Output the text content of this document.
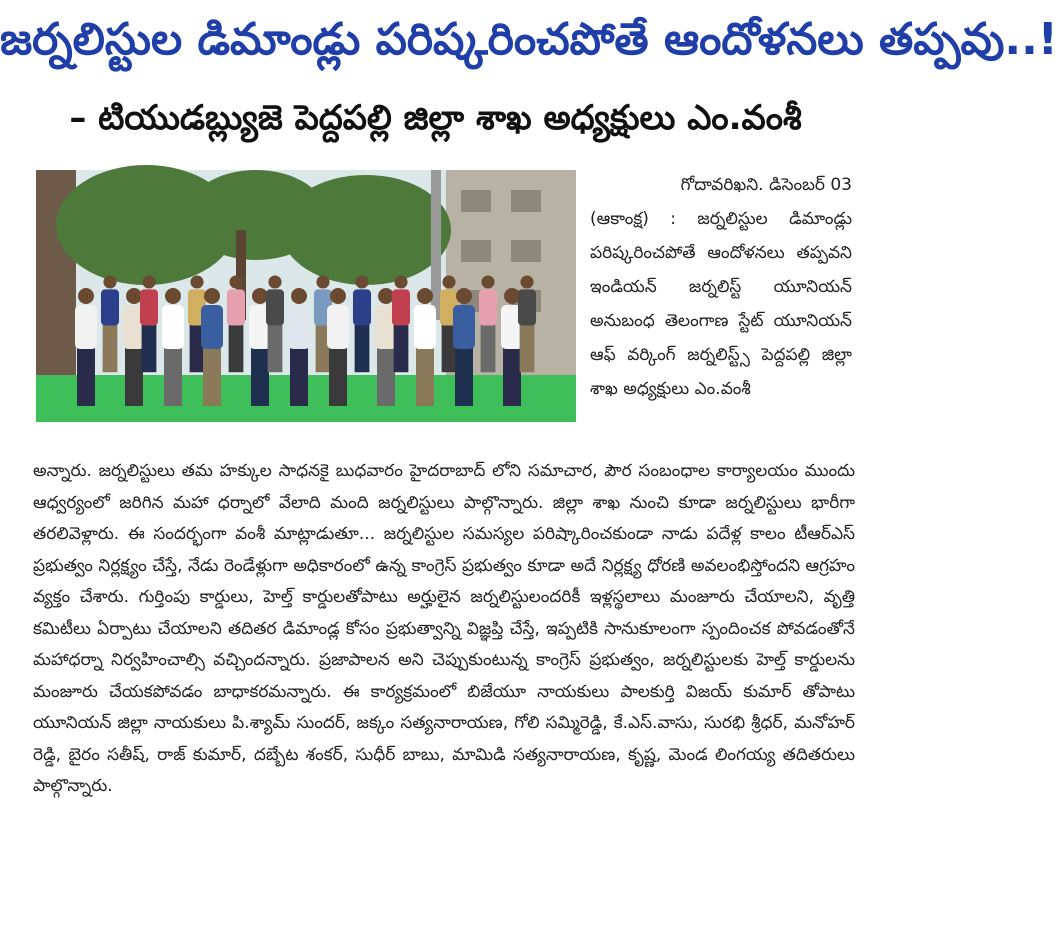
జర్నలిస్టుల డిమాండ్లు పరిష్కరించపోతే ఆందోళనలు తప్పవు..!
– టియుడబ్ల్యుజె పెద్దపల్లి జిల్లా శాఖ అధ్యక్షులు ఎం.వంశీ

గోదావరిఖని. డిసెంబర్ 03

(ఆకాంక్ష) : జర్నలిస్టుల డిమాండ్లు పరిష్కరించపోతే ఆందోళనలు తప్పవని ఇండియన్ జర్నలిస్ట్ యూనియన్ అనుబంధ తెలంగాణ స్టేట్ యూనియన్ ఆఫ్ వర్కింగ్ జర్నలిస్ట్స్ పెద్దపల్లి జిల్లా శాఖ అధ్యక్షులు ఎం.వంశీ

అన్నారు. జర్నలిస్టులు తమ హక్కుల సాధనకై బుధవారం హైదరాబాద్ లోని సమాచార, పౌర సంబంధాల కార్యాలయం ముందు ఆధ్వర్యంలో జరిగిన మహా ధర్నాలో వేలాది మంది జర్నలిస్టులు పాల్గొన్నారు. జిల్లా శాఖ నుంచి కూడా జర్నలిస్టులు భారీగా తరలివెళ్లారు. ఈ సందర్భంగా వంశీ మాట్లాడుతూ... జర్నలిస్టుల సమస్యల పరిష్కారించకుండా నాడు పదేళ్ల కాలం టీఆర్ఎస్ ప్రభుత్వం నిర్లక్ష్యం చేస్తే, నేడు రెండేళ్లుగా అధికారంలో ఉన్న కాంగ్రెస్ ప్రభుత్వం కూడా అదే నిర్లక్ష్య ధోరణి అవలంభిస్తోందని ఆగ్రహం వ్యక్తం చేశారు. గుర్తింపు కార్డులు, హెల్త్ కార్డులతోపాటు అర్హులైన జర్నలిస్టులందరికీ ఇళ్లస్థలాలు మంజూరు చేయాలని, వృత్తి కమిటీలు ఏర్పాటు చేయాలని తదితర డిమాండ్ల కోసం ప్రభుత్వాన్ని విజ్ఞప్తి చేస్తే, ఇప్పటికి సానుకూలంగా స్పందించక పోవడంతోనే మహాధర్నా నిర్వహించాల్సి వచ్చిందన్నారు. ప్రజాపాలన అని చెప్పుకుంటున్న కాంగ్రెస్ ప్రభుత్వం, జర్నలిస్టులకు హెల్త్ కార్డులను మంజూరు చేయకపోవడం బాధాకరమన్నారు. ఈ కార్యక్రమంలో బిజేయూ నాయకులు పాలకుర్తి విజయ్ కుమార్ తోపాటు యూనియన్ జిల్లా నాయకులు పి.శ్యామ్ సుందర్, జక్కం సత్యనారాయణ, గోలి సమ్మిరెడ్డి, కే.ఎస్.వాసు, సురభి శ్రీధర్, మనోహర్ రెడ్డి, బైరం సతీష్, రాజ్ కుమార్, దబ్బేట శంకర్, సుధీర్ బాబు, మామిడి సత్యనారాయణ, కృష్ణ, మెండ లింగయ్య తదితరులు పాల్గొన్నారు.
